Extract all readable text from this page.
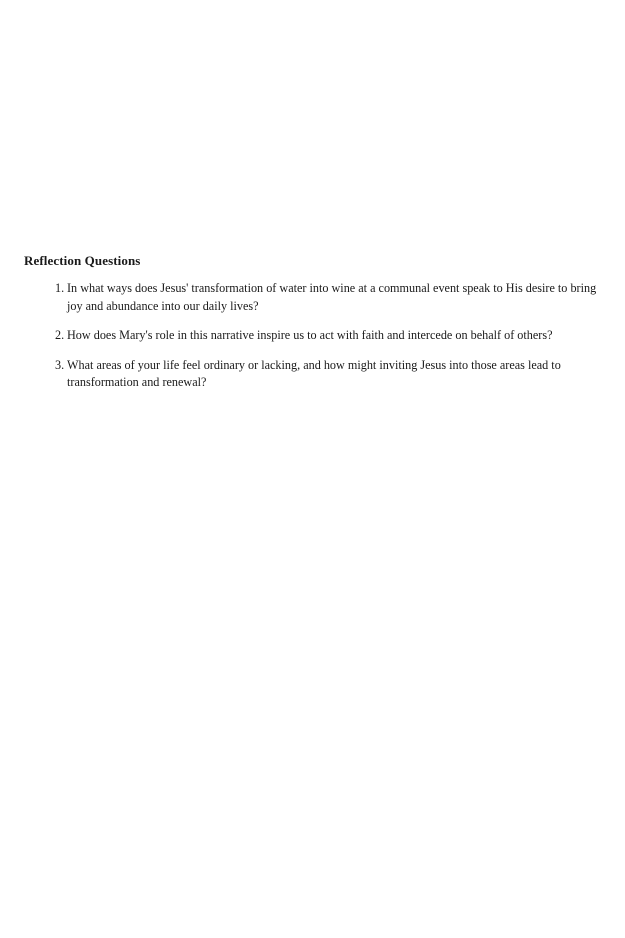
Reflection Questions
1. In what ways does Jesus' transformation of water into wine at a communal event speak to His desire to bring joy and abundance into our daily lives?
2. How does Mary's role in this narrative inspire us to act with faith and intercede on behalf of others?
3. What areas of your life feel ordinary or lacking, and how might inviting Jesus into those areas lead to transformation and renewal?
